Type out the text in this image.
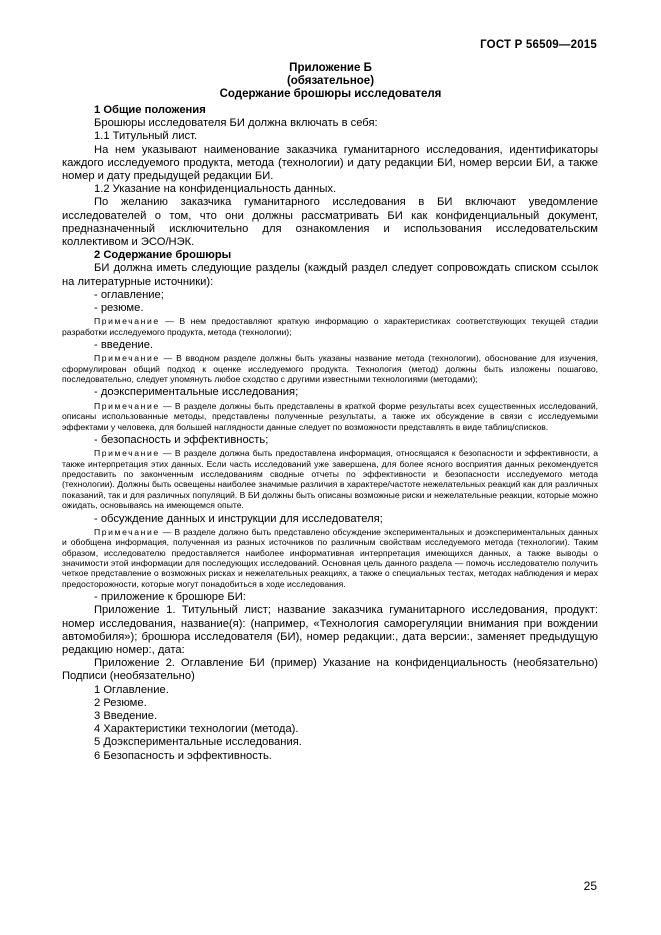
ГОСТ Р 56509—2015
Приложение Б
(обязательное)
Содержание брошюры исследователя

1 Общие положения

Брошюры исследователя БИ должна включать в себя:

1.1 Титульный лист.

На нем указывают наименование заказчика гуманитарного исследования, идентификаторы каждого исследуемого продукта, метода (технологии) и дату редакции БИ, номер версии БИ, а также номер и дату предыдущей редакции БИ.

1.2 Указание на конфиденциальность данных.

По желанию заказчика гуманитарного исследования в БИ включают уведомление исследователей о том, что они должны рассматривать БИ как конфиденциальный документ, предназначенный исключительно для ознакомления и использования исследовательским коллективом и ЭСО/НЭК.

2 Содержание брошюры

БИ должна иметь следующие разделы (каждый раздел следует сопровождать списком ссылок на литературные источники):

- оглавление;

- резюме.

Примечание — В нем предоставляют краткую информацию о характеристиках соответствующих текущей стадии разработки исследуемого продукта, метода (технологии);

- введение.

Примечание — В вводном разделе должны быть указаны название метода (технологии), обоснование для изучения, сформулирован общий подход к оценке исследуемого продукта. Технология (метод) должны быть изложены пошагово, последовательно, следует упомянуть любое сходство с другими известными технологиями (методами);

- доэкспериментальные исследования;

Примечание — В разделе должны быть представлены в краткой форме результаты всех существенных исследований, описаны использованные методы, представлены полученные результаты, а также их обсуждение в связи с исследуемыми эффектами у человека, для большей наглядности данные следует по возможности представлять в виде таблиц/списков.

- безопасность и эффективность;

Примечание — В разделе должна быть предоставлена информация, относящаяся к безопасности и эффективности, а также интерпретация этих данных. Если часть исследований уже завершена, для более ясного восприятия данных рекомендуется предоставить по законченным исследованиям сводные отчеты по эффективности и безопасности исследуемого метода (технологии). Должны быть освещены наиболее значимые различия в характере/частоте нежелательных реакций как для различных показаний, так и для различных популяций. В БИ должны быть описаны возможные риски и нежелательные реакции, которые можно ожидать, основываясь на имеющемся опыте.

- обсуждение данных и инструкции для исследователя;

Примечание — В разделе должно быть представлено обсуждение экспериментальных и доэкспериментальных данных и обобщена информация, полученная из разных источников по различным свойствам исследуемого метода (технологии). Таким образом, исследователю предоставляется наиболее информативная интерпретация имеющихся данных, а также выводы о значимости этой информации для последующих исследований. Основная цель данного раздела — помочь исследователю получить четкое представление о возможных рисках и нежелательных реакциях, а также о специальных тестах, методах наблюдения и мерах предосторожности, которые могут понадобиться в ходе исследования.

- приложение к брошюре БИ:

Приложение 1. Титульный лист; название заказчика гуманитарного исследования, продукт: номер исследования, название(я): (например, «Технология саморегуляции внимания при вождении автомобиля»); брошюра исследователя (БИ), номер редакции:, дата версии:, заменяет предыдущую редакцию номер:, дата:

Приложение 2. Оглавление БИ (пример) Указание на конфиденциальность (необязательно) Подписи (необязательно)

1 Оглавление.

2 Резюме.

3 Введение.

4 Характеристики технологии (метода).

5 Доэкспериментальные исследования.

6 Безопасность и эффективность.

25
